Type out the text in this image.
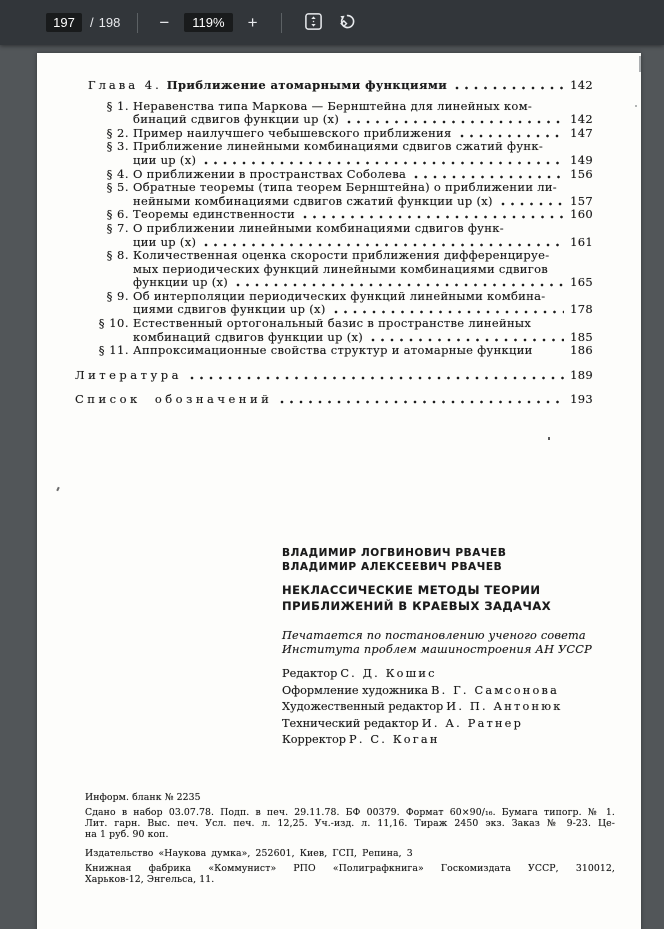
197	/ 198	−	119%	+
Глава 4. Приближение атомарными функциями	142
§ 1. Неравенства типа Маркова — Бернштейна для линейных ком-
бинаций сдвигов функции up (x)	142
§ 2. Пример наилучшего чебышевского приближения	147
§ 3. Приближение линейными комбинациями сдвигов сжатий функ-
ции up (x)	149
§ 4. О приближении в пространствах Соболева	156
§ 5. Обратные теоремы (типа теорем Бернштейна) о приближении ли-
нейными комбинациями сдвигов сжатий функции up (x)	157
§ 6. Теоремы единственности	160
§ 7. О приближении линейными комбинациями сдвигов функ-
ции up (x)	161
§ 8. Количественная оценка скорости приближения дифференцируе-
мых периодических функций линейными комбинациями сдвигов
функции up (x)	165
§ 9. Об интерполяции периодических функций линейными комбина-
циями сдвигов функции up (x)	178
§ 10. Естественный ортогональный базис в пространстве линейных
комбинаций сдвигов функции up (x)	185
§ 11. Аппроксимационные свойства структур и атомарные функции	186
Литература	189
Список обозначений	193
ВЛАДИМИР ЛОГВИНОВИЧ РВАЧЕВ
ВЛАДИМИР АЛЕКСЕЕВИЧ РВАЧЕВ
НЕКЛАССИЧЕСКИЕ МЕТОДЫ ТЕОРИИ
ПРИБЛИЖЕНИЙ В КРАЕВЫХ ЗАДАЧАХ
Печатается по постановлению ученого совета
Института проблем машиностроения АН УССР
Редактор С. Д. Кошис
Оформление художника В. Г. Самсонова
Художественный редактор И. П. Антонюк
Технический редактор И. А. Ратнер
Корректор Р. С. Коган
Информ. бланк № 2235
Сдано в набор 03.07.78. Подп. в печ. 29.11.78. БФ 00379. Формат 60×90/₁₆. Бумага типогр. № 1.
Лит. гарн. Выс. печ. Усл. печ. л. 12,25. Уч.-изд. л. 11,16. Тираж 2450 экз. Заказ № 9-23. Це-
на 1 руб. 90 коп.
Издательство «Наукова думка», 252601, Киев, ГСП, Репина, 3
Книжная фабрика «Коммунист» РПО «Полиграфкнига» Госкомиздата УССР, 310012,
Харьков-12, Энгельса, 11.
